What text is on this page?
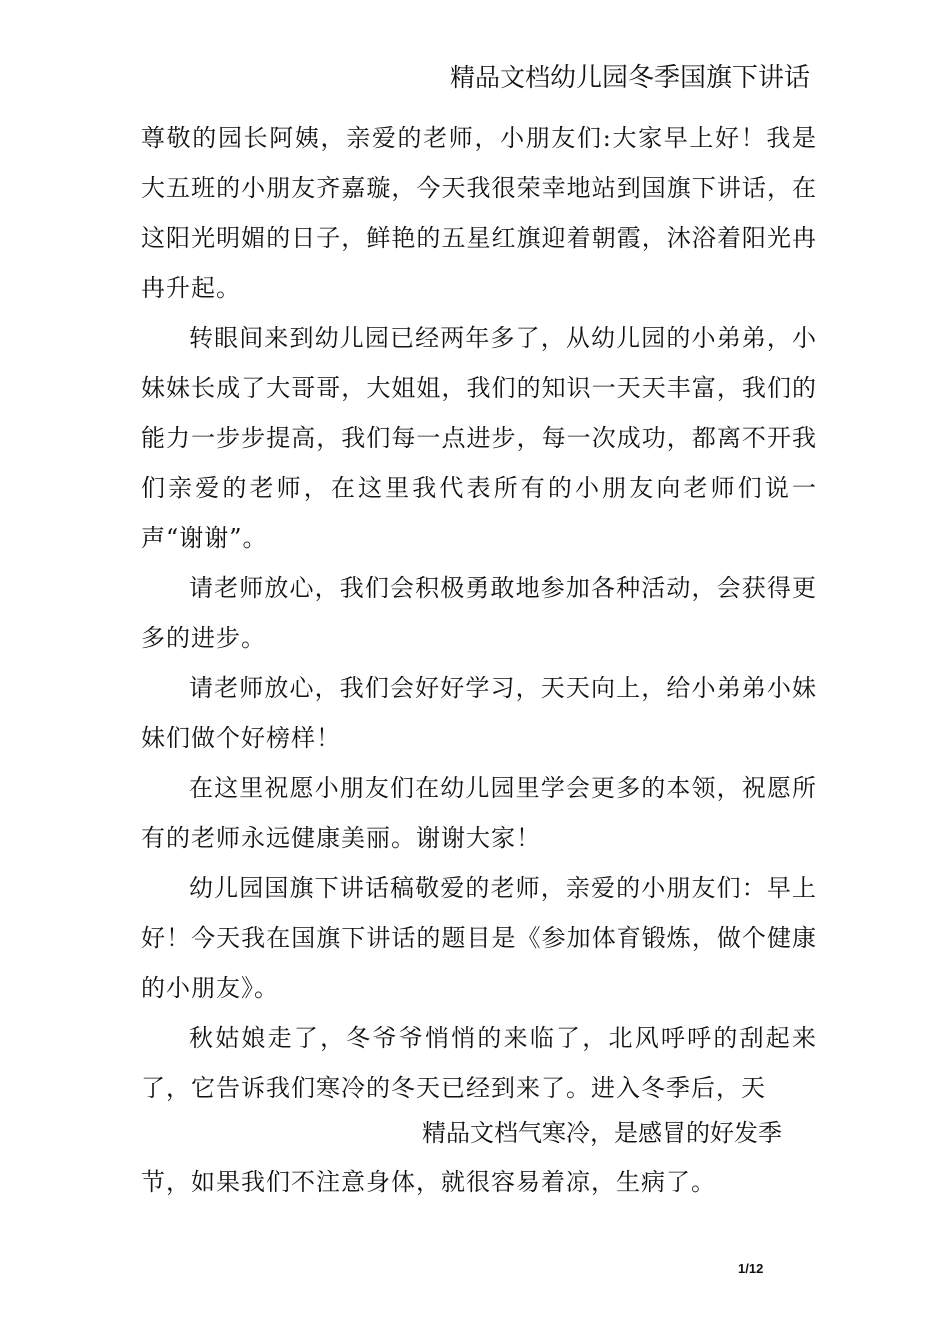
精品文档幼儿园冬季国旗下讲话

尊敬的园长阿姨，亲爱的老师，小朋友们:大家早上好！我是大五班的小朋友齐嘉璇，今天我很荣幸地站到国旗下讲话，在这阳光明媚的日子，鲜艳的五星红旗迎着朝霞，沐浴着阳光冉冉升起。

转眼间来到幼儿园已经两年多了，从幼儿园的小弟弟，小妹妹长成了大哥哥，大姐姐，我们的知识一天天丰富，我们的能力一步步提高，我们每一点进步，每一次成功，都离不开我们亲爱的老师，在这里我代表所有的小朋友向老师们说一声“谢谢”。

请老师放心，我们会积极勇敢地参加各种活动，会获得更多的进步。

请老师放心，我们会好好学习，天天向上，给小弟弟小妹妹们做个好榜样！

在这里祝愿小朋友们在幼儿园里学会更多的本领，祝愿所有的老师永远健康美丽。谢谢大家！

幼儿园国旗下讲话稿敬爱的老师，亲爱的小朋友们：早上好！今天我在国旗下讲话的题目是《参加体育锻炼，做个健康的小朋友》。

秋姑娘走了，冬爷爷悄悄的来临了，北风呼呼的刮起来了，它告诉我们寒冷的冬天已经到来了。进入冬季后，天

精品文档气寒冷，是感冒的好发季
节，如果我们不注意身体，就很容易着凉，生病了。
1/12
